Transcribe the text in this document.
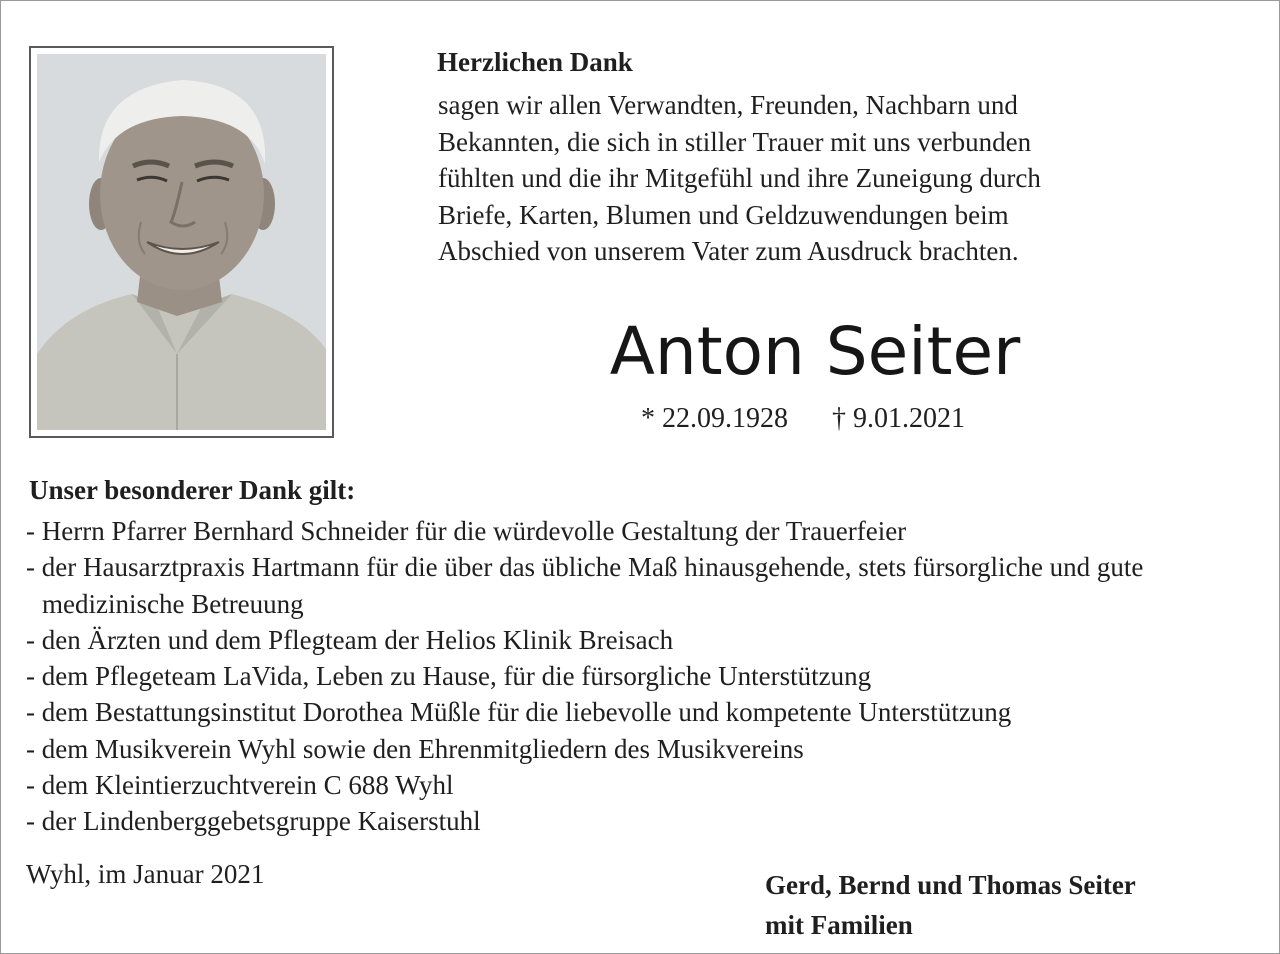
Herzlichen Dank

sagen wir allen Verwandten, Freunden, Nachbarn und
Bekannten, die sich in stiller Trauer mit uns verbunden
fühlten und die ihr Mitgefühl und ihre Zuneigung durch
Briefe, Karten, Blumen und Geldzuwendungen beim
Abschied von unserem Vater zum Ausdruck brachten.

Anton Seiter
* 22.09.1928 † 9.01.2021
Unser besonderer Dank gilt:
- Herrn Pfarrer Bernhard Schneider für die würdevolle Gestaltung der Trauerfeier
- der Hausarztpraxis Hartmann für die über das übliche Maß hinausgehende, stets fürsorgliche und gute medizinische Betreuung
- den Ärzten und dem Pflegteam der Helios Klinik Breisach
- dem Pflegeteam LaVida, Leben zu Hause, für die fürsorgliche Unterstützung
- dem Bestattungsinstitut Dorothea Müßle für die liebevolle und kompetente Unterstützung
- dem Musikverein Wyhl sowie den Ehrenmitgliedern des Musikvereins
- dem Kleintierzuchtverein C 688 Wyhl
- der Lindenberggebetsgruppe Kaiserstuhl
Wyhl, im Januar 2021	Gerd, Bernd und Thomas Seiter
mit Familien
